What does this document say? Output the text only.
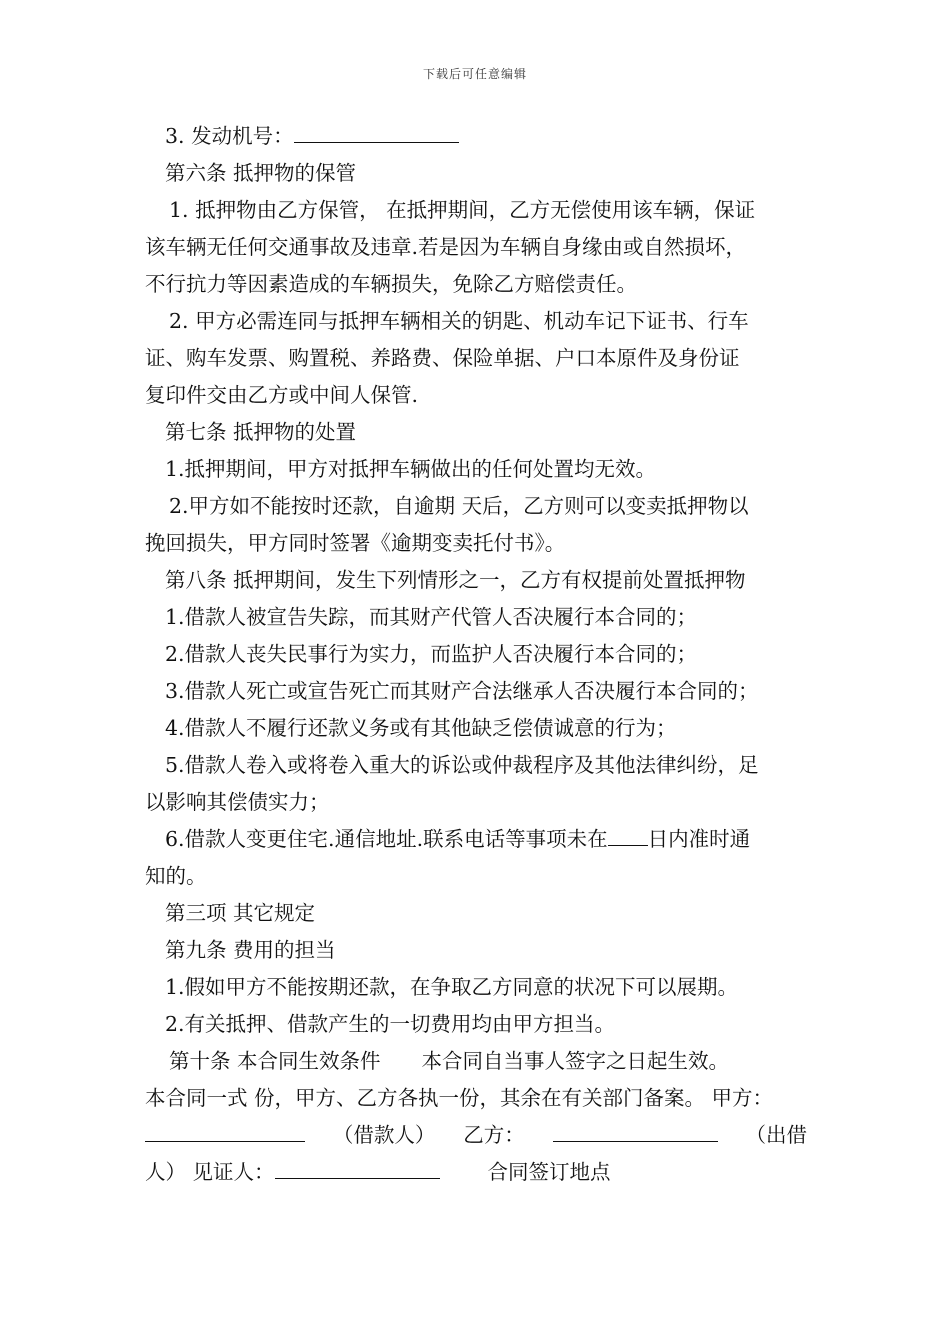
下载后可任意编辑

3. 发动机号：

第六条 抵押物的保管

1. 抵押物由乙方保管， 在抵押期间，乙方无偿使用该车辆，保证

该车辆无任何交通事故及违章.若是因为车辆自身缘由或自然损坏，

不行抗力等因素造成的车辆损失，免除乙方赔偿责任。

2. 甲方必需连同与抵押车辆相关的钥匙、机动车记下证书、行车

证、购车发票、购置税、养路费、保险单据、户口本原件及身份证

复印件交由乙方或中间人保管.

第七条 抵押物的处置

1.抵押期间，甲方对抵押车辆做出的任何处置均无效。

2.甲方如不能按时还款，自逾期 天后，乙方则可以变卖抵押物以

挽回损失，甲方同时签署《逾期变卖托付书》。

第八条 抵押期间，发生下列情形之一，乙方有权提前处置抵押物

1.借款人被宣告失踪，而其财产代管人否决履行本合同的；

2.借款人丧失民事行为实力，而监护人否决履行本合同的；

3.借款人死亡或宣告死亡而其财产合法继承人否决履行本合同的；

4.借款人不履行还款义务或有其他缺乏偿债诚意的行为；

5.借款人卷入或将卷入重大的诉讼或仲裁程序及其他法律纠纷，足

以影响其偿债实力；

6.借款人变更住宅.通信地址.联系电话等事项未在 日内准时通

知的。

第三项 其它规定

第九条 费用的担当

1.假如甲方不能按期还款，在争取乙方同意的状况下可以展期。

2.有关抵押、借款产生的一切费用均由甲方担当。

第十条 本合同生效条件　　本合同自当事人签字之日起生效。

本合同一式 份，甲方、乙方各执一份，其余在有关部门备案。 甲方：

（借款人） 乙方：	（出借

人） 见证人：	合同签订地点
